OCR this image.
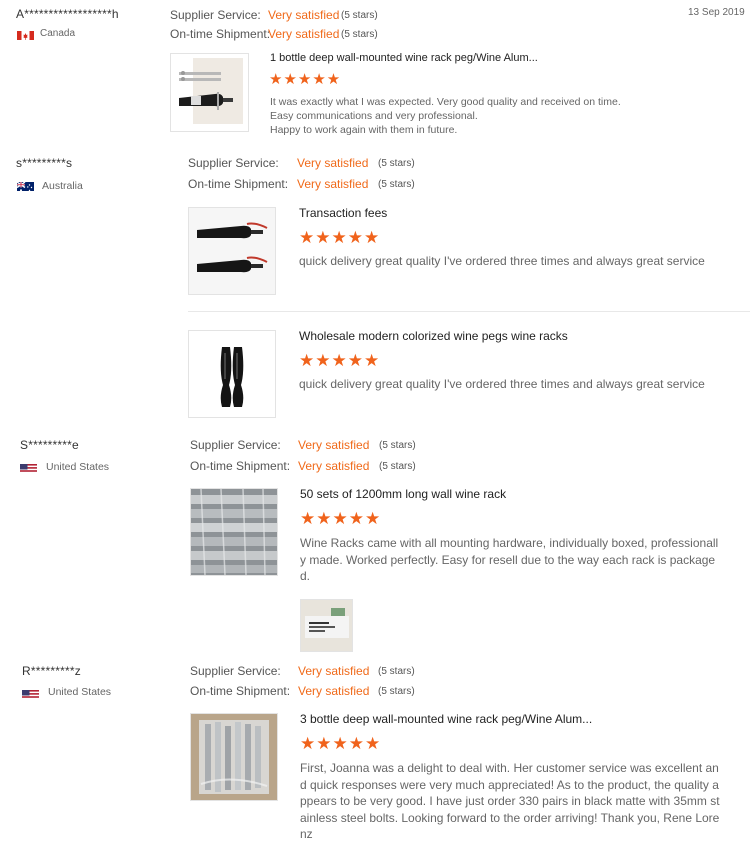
A******************h
Canada
Supplier Service: Very satisfied (5 stars)	13 Sep 2019
On-time Shipment:
Very satisfied (5 stars)
1 bottle deep wall-mounted wine rack peg/Wine Alum...
★★★★★
It was exactly what I was expected. Very good quality and received on time.
Easy communications and very professional.
Happy to work again with them in future.
s*********s
Australia
Supplier Service: Very satisfied (5 stars)
On-time Shipment: Very satisfied (5 stars)
Transaction fees
★★★★★
quick delivery great quality I've ordered three times and always great service
Wholesale modern colorized wine pegs wine racks
★★★★★
quick delivery great quality I've ordered three times and always great service
S*********e
United States
Supplier Service: Very satisfied (5 stars)
On-time Shipment: Very satisfied (5 stars)
50 sets of 1200mm long wall wine rack
★★★★★
Wine Racks came with all mounting hardware, individually boxed, professionall
y made. Worked perfectly. Easy for resell due to the way each rack is package
d.
R*********z
United States
Supplier Service: Very satisfied (5 stars)
On-time Shipment: Very satisfied (5 stars)
3 bottle deep wall-mounted wine rack peg/Wine Alum...
★★★★★
First, Joanna was a delight to deal with. Her customer service was excellent an
d quick responses were very much appreciated! As to the product, the quality a
ppears to be very good. I have just order 330 pairs in black matte with 35mm st
ainless steel bolts. Looking forward to the order arriving! Thank you, Rene Lore
nz
